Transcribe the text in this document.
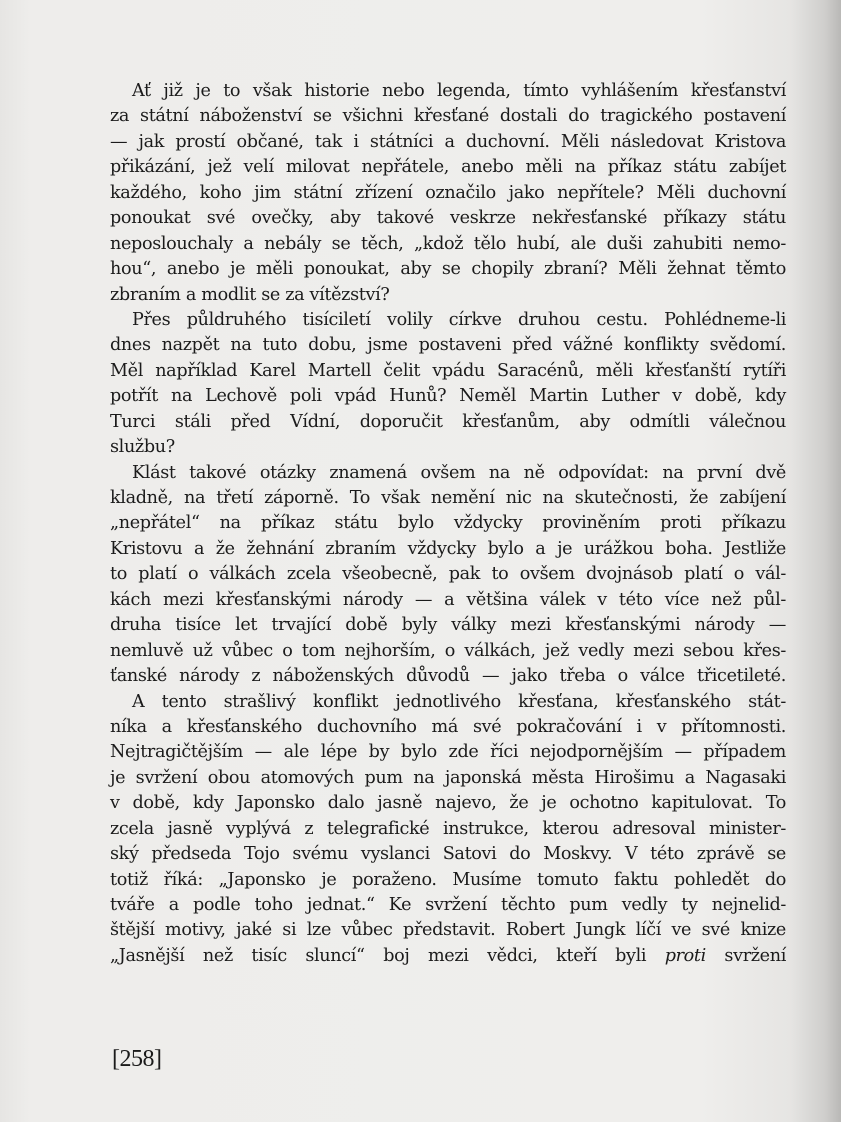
Ať již je to však historie nebo legenda, tímto vyhlášením křesťanství
za státní náboženství se všichni křesťané dostali do tragického postavení
— jak prostí občané, tak i státníci a duchovní. Měli následovat Kristova
přikázání, jež velí milovat nepřátele, anebo měli na příkaz státu zabíjet
každého, koho jim státní zřízení označilo jako nepřítele? Měli duchovní
ponoukat své ovečky, aby takové veskrze nekřesťanské příkazy státu
neposlouchaly a nebály se těch, „kdož tělo hubí, ale duši zahubiti nemo-
hou“, anebo je měli ponoukat, aby se chopily zbraní? Měli žehnat těmto
zbraním a modlit se za vítězství?
Přes půldruhého tisíciletí volily církve druhou cestu. Pohlédneme-li
dnes nazpět na tuto dobu, jsme postaveni před vážné konflikty svědomí.
Měl například Karel Martell čelit vpádu Saracénů, měli křesťanští rytíři
potřít na Lechově poli vpád Hunů? Neměl Martin Luther v době, kdy
Turci stáli před Vídní, doporučit křesťanům, aby odmítli válečnou
službu?
Klást takové otázky znamená ovšem na ně odpovídat: na první dvě
kladně, na třetí záporně. To však nemění nic na skutečnosti, že zabíjení
„nepřátel“ na příkaz státu bylo vždycky proviněním proti příkazu
Kristovu a že žehnání zbraním vždycky bylo a je urážkou boha. Jestliže
to platí o válkách zcela všeobecně, pak to ovšem dvojnásob platí o vál-
kách mezi křesťanskými národy — a většina válek v této více než půl-
druha tisíce let trvající době byly války mezi křesťanskými národy —
nemluvě už vůbec o tom nejhorším, o válkách, jež vedly mezi sebou křes-
ťanské národy z náboženských důvodů — jako třeba o válce třicetileté.
A tento strašlivý konflikt jednotlivého křesťana, křesťanského stát-
níka a křesťanského duchovního má své pokračování i v přítomnosti.
Nejtragičtějším — ale lépe by bylo zde říci nejodpornějším — případem
je svržení obou atomových pum na japonská města Hirošimu a Nagasaki
v době, kdy Japonsko dalo jasně najevo, že je ochotno kapitulovat. To
zcela jasně vyplývá z telegrafické instrukce, kterou adresoval minister-
ský předseda Tojo svému vyslanci Satovi do Moskvy. V této zprávě se
totiž říká: „Japonsko je poraženo. Musíme tomuto faktu pohledět do
tváře a podle toho jednat.“ Ke svržení těchto pum vedly ty nejnelid-
štější motivy, jaké si lze vůbec představit. Robert Jungk líčí ve své knize
„Jasnější než tisíc sluncí“ boj mezi vědci, kteří byli proti svržení
[258]
